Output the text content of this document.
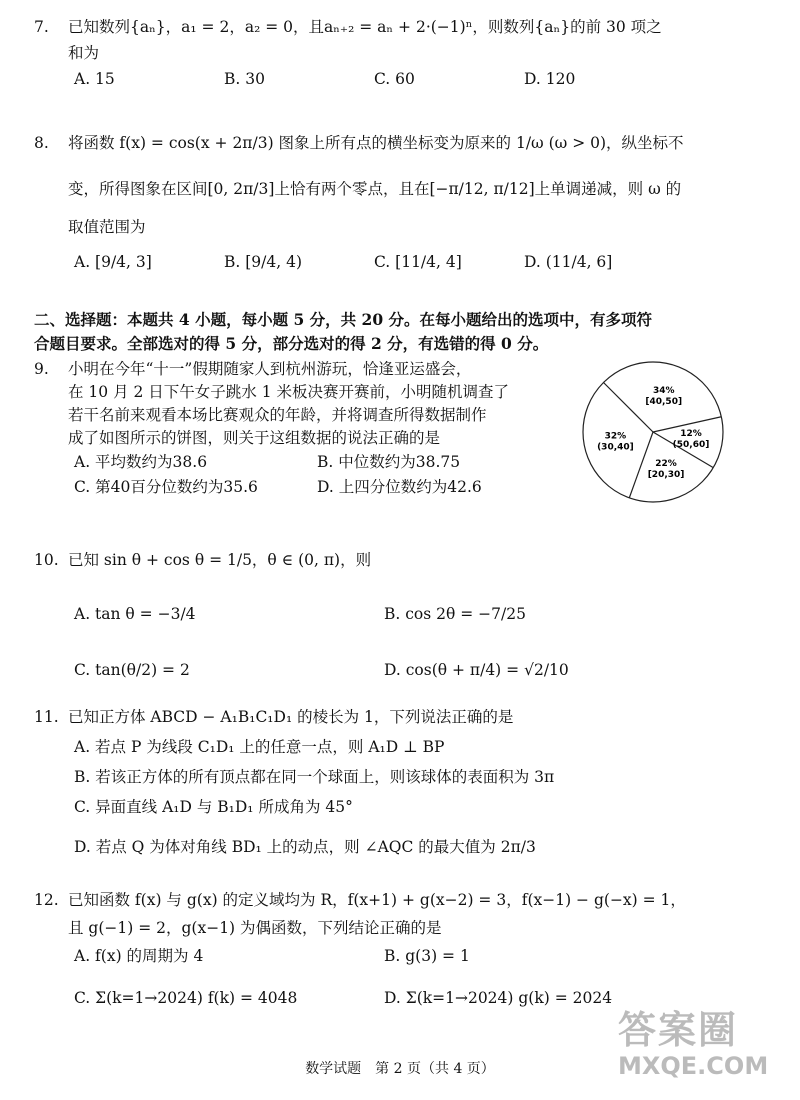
7. 已知数列{aₙ}，a₁ = 2，a₂ = 0，且aₙ₊₂ = aₙ + 2·(−1)ⁿ，则数列{aₙ}的前 30 项之
和为
A. 15	B. 30	C. 60	D. 120
8. 将函数 f(x) = cos(x + 2π/3) 图象上所有点的横坐标变为原来的 1/ω (ω > 0)，纵坐标不
变，所得图象在区间[0, 2π/3]上恰有两个零点，且在[−π/12, π/12]上单调递减，则 ω 的
取值范围为
A. [9/4, 3]	B. [9/4, 4)	C. [11/4, 4]	D. (11/4, 6]
二、选择题：本题共 4 小题，每小题 5 分，共 20 分。在每小题给出的选项中，有多项符
合题目要求。全部选对的得 5 分，部分选对的得 2 分，有选错的得 0 分。
9. 小明在今年“十一”假期随家人到杭州游玩，恰逢亚运盛会，
在 10 月 2 日下午女子跳水 1 米板决赛开赛前，小明随机调查了
若干名前来观看本场比赛观众的年龄，并将调查所得数据制作
成了如图所示的饼图，则关于这组数据的说法正确的是
A. 平均数约为38.6	B. 中位数约为38.75
C. 第40百分位数约为35.6	D. 上四分位数约为42.6
34%
[40,50]
12%
(50,60]
22%
[20,30]
32%
(30,40]
10. 已知 sin θ + cos θ = 1/5，θ ∈ (0, π)，则
A. tan θ = −3/4	B. cos 2θ = −7/25
C. tan(θ/2) = 2	D. cos(θ + π/4) = √2/10
11. 已知正方体 ABCD − A₁B₁C₁D₁ 的棱长为 1，下列说法正确的是
A. 若点 P 为线段 C₁D₁ 上的任意一点，则 A₁D ⊥ BP
B. 若该正方体的所有顶点都在同一个球面上，则该球体的表面积为 3π
C. 异面直线 A₁D 与 B₁D₁ 所成角为 45°
D. 若点 Q 为体对角线 BD₁ 上的动点，则 ∠AQC 的最大值为 2π/3
12. 已知函数 f(x) 与 g(x) 的定义域均为 R，f(x+1) + g(x−2) = 3，f(x−1) − g(−x) = 1，
且 g(−1) = 2，g(x−1) 为偶函数，下列结论正确的是
A. f(x) 的周期为 4	B. g(3) = 1
C. Σ(k=1→2024) f(k) = 4048	D. Σ(k=1→2024) g(k) = 2024
答案圈
MXQE.COM
数学试题　第 2 页（共 4 页）
